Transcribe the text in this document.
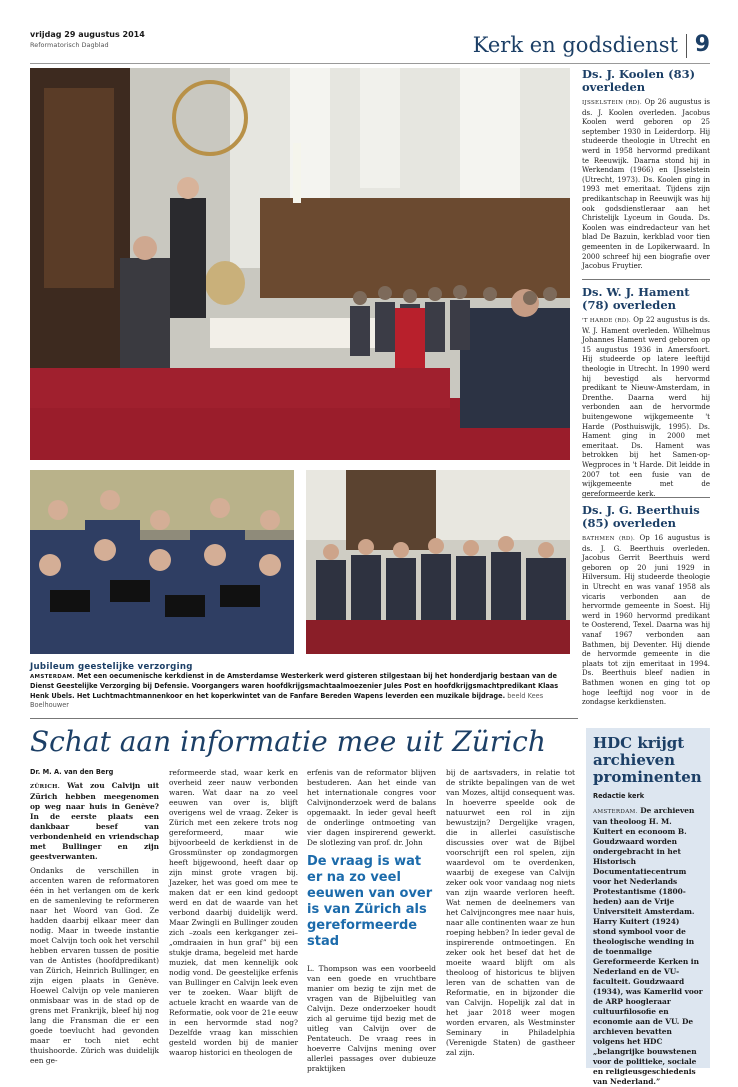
vrijdag 29 augustus 2014
Reformatorisch Dagblad	Kerk en godsdienst 9
Jubileum geestelijke verzorging
AMSTERDAM. Met een oecumenische kerkdienst in de Amsterdamse Westerkerk werd gisteren stilgestaan bij het honderdjarig bestaan van de Dienst Geestelijke Verzorging bij Defensie. Voorgangers waren hoofdkrijgsmachtaalmoezenier Jules Post en hoofdkrijgsmachtpredikant Klaas Henk Ubels. Het Luchtmachtmannenkoor en het koperkwintet van de Fanfare Bereden Wapens leverden een muzikale bijdrage. beeld Kees Boelhouwer
Ds. J. Koolen (83) overleden

IJSSELSTEIN (RD). Op 26 augustus is ds. J. Koolen overleden. Jacobus Koolen werd geboren op 25 september 1930 in Leiderdorp. Hij studeerde theologie in Utrecht en werd in 1958 hervormd predikant te Reeuwijk. Daarna stond hij in Werkendam (1966) en IJsselstein (Utrecht, 1973). Ds. Koolen ging in 1993 met emeritaat. Tijdens zijn predikantschap in Reeuwijk was hij ook godsdienstleraar aan het Christelijk Lyceum in Gouda. Ds. Koolen was eindredacteur van het blad De Bazuin, kerkblad voor tien gemeenten in de Lopikerwaard. In 2000 schreef hij een biografie over Jacobus Fruytier.

Ds. W. J. Hament (78) overleden

'T HARDE (RD). Op 22 augustus is ds. W. J. Hament overleden. Wilhelmus Johannes Hament werd geboren op 15 augustus 1936 in Amersfoort. Hij studeerde op latere leeftijd theologie in Utrecht. In 1990 werd hij bevestigd als hervormd predikant te Nieuw-Amsterdam, in Drenthe. Daarna werd hij verbonden aan de hervormde buitengewone wijkgemeente 't Harde (Posthuiswijk, 1995). Ds. Hament ging in 2000 met emeritaat. Ds. Hament was betrokken bij het Samen-op-Wegproces in 't Harde. Dit leidde in 2007 tot een fusie van de wijkgemeente met de gereformeerde kerk.

Ds. J. G. Beerthuis (85) overleden

BATHMEN (RD). Op 16 augustus is ds. J. G. Beerthuis overleden. Jacobus Gerrit Beerthuis werd geboren op 20 juni 1929 in Hilversum. Hij studeerde theologie in Utrecht en was vanaf 1958 als vicaris verbonden aan de hervormde gemeente in Soest. Hij werd in 1960 hervormd predikant te Oosterend, Texel. Daarna was hij vanaf 1967 verbonden aan Bathmen, bij Deventer. Hij diende de hervormde gemeente in die plaats tot zijn emeritaat in 1994. Ds. Beerthuis bleef nadien in Bathmen wonen en ging tot op hoge leeftijd nog voor in de zondagse kerkdiensten.

Schat aan informatie mee uit Zürich
Dr. M. A. van den Berg

ZÜRICH. Wat zou Calvijn uit Zürich hebben meegenomen op weg naar huis in Genève? In de eerste plaats een dankbaar besef van verbondenheid en vriendschap met Bullinger en zijn geestverwanten.

Ondanks de verschillen in accenten waren de reformatoren één in het verlangen om de kerk en de samenleving te reformeren naar het Woord van God. Ze hadden daarbij elkaar meer dan nodig. Maar in tweede instantie moet Calvijn toch ook het verschil hebben ervaren tussen de positie van de Antistes (hoofdpredikant) van Zürich, Heinrich Bullinger, en zijn eigen plaats in Genève. Hoewel Calvijn op vele manieren onmisbaar was in de stad op de grens met Frankrijk, bleef hij nog lang die Fransman die er een goede toevlucht had gevonden maar er toch niet echt thuishoorde. Zürich was duidelijk een ge-

reformeerde stad, waar kerk en overheid zeer nauw verbonden waren. Wat daar na zo veel eeuwen van over is, blijft overigens wel de vraag. Zeker is Zürich met een zekere trots nog gereformeerd, maar wie bijvoorbeeld de kerkdienst in de Grossmünster op zondagmorgen heeft bijgewoond, heeft daar op zijn minst grote vragen bij. Jazeker, het was goed om mee te maken dat er een kind gedoopt werd en dat de waarde van het verbond daarbij duidelijk werd. Maar Zwingli en Bullinger zouden zich –zoals een kerkganger zei– „omdraaien in hun graf” bij een stukje drama, begeleid met harde muziek, dat men kennelijk ook nodig vond. De geestelijke erfenis van Bullinger en Calvijn leek even ver te zoeken. Waar blijft de actuele kracht en waarde van de Reformatie, ook voor de 21e eeuw in een hervormde stad nog? Dezelfde vraag kan misschien gesteld worden bij de manier waarop historici en theologen de

erfenis van de reformator blijven bestuderen. Aan het einde van het internationale congres voor Calvijnonderzoek werd de balans opgemaakt. In ieder geval heeft de onderlinge ontmoeting van vier dagen inspirerend gewerkt. De slotlezing van prof. dr. John

De vraag is wat er na zo veel eeuwen van over is van Zürich als gereformeerde stad

L. Thompson was een voorbeeld van een goede en vruchtbare manier om bezig te zijn met de vragen van de Bijbeluitleg van Calvijn. Deze onderzoeker houdt zich al geruime tijd bezig met de uitleg van Calvijn over de Pentateuch. De vraag rees in hoeverre Calvijns mening over allerlei passages over dubieuze praktijken

bij de aartsvaders, in relatie tot de strikte bepalingen van de wet van Mozes, altijd consequent was. In hoeverre speelde ook de natuurwet een rol in zijn bewustzijn? Dergelijke vragen, die in allerlei casuïstische discussies over wat de Bijbel voorschrijft een rol spelen, zijn waardevol om te overdenken, waarbij de exegese van Calvijn zeker ook voor vandaag nog niets van zijn waarde verloren heeft. Wat nemen de deelnemers van het Calvijncongres mee naar huis, naar alle continenten waar ze hun roeping hebben? In ieder geval de inspirerende ontmoetingen. En zeker ook het besef dat het de moeite waard blijft om als theoloog of historicus te blijven leren van de schatten van de Reformatie, en in bijzonder die van Calvijn. Hopelijk zal dat in het jaar 2018 weer mogen worden ervaren, als Westminster Seminary in Philadelphia (Verenigde Staten) de gastheer zal zijn.

HDC krijgt archieven prominenten
Redactie kerk

AMSTERDAM. De archieven van theoloog H. M. Kuitert en econoom B. Goudzwaard worden ondergebracht in het Historisch Documentatiecentrum voor het Nederlands Protestantisme (1800-heden) aan de Vrije Universiteit Amsterdam. Harry Kuitert (1924) stond symbool voor de theologische wending in de toenmalige Gereformeerde Kerken in Nederland en de VU-faculteit. Goudzwaard (1934), was Kamerlid voor de ARP hoogleraar cultuurfilosofie en economie aan de VU. De archieven bevatten volgens het HDC „belangrijke bouwstenen voor de politieke, sociale en religieusgeschiedenis van Nederland.”
